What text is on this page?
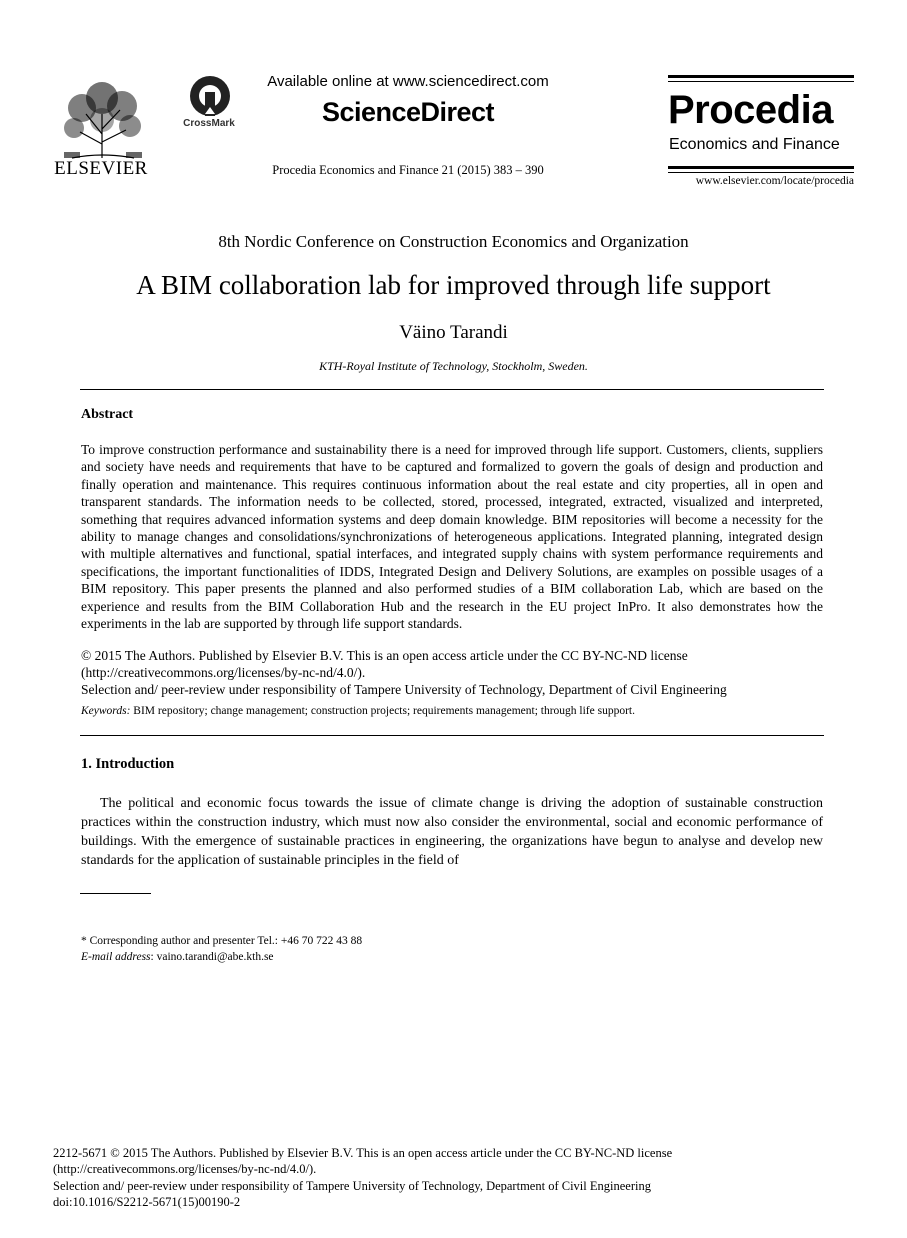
ELSEVIER
CrossMark
Available online at www.sciencedirect.com
ScienceDirect
Procedia Economics and Finance 21 (2015) 383 – 390
Procedia
Economics and Finance
www.elsevier.com/locate/procedia
8th Nordic Conference on Construction Economics and Organization
A BIM collaboration lab for improved through life support
Väino Tarandi
KTH-Royal Institute of Technology, Stockholm, Sweden.
Abstract
To improve construction performance and sustainability there is a need for improved through life support. Customers, clients, suppliers and society have needs and requirements that have to be captured and formalized to govern the goals of design and production and finally operation and maintenance. This requires continuous information about the real estate and city properties, all in open and transparent standards. The information needs to be collected, stored, processed, integrated, extracted, visualized and interpreted, something that requires advanced information systems and deep domain knowledge. BIM repositories will become a necessity for the ability to manage changes and consolidations/synchronizations of heterogeneous applications. Integrated planning, integrated design with multiple alternatives and functional, spatial interfaces, and integrated supply chains with system performance requirements and specifications, the important functionalities of IDDS, Integrated Design and Delivery Solutions, are examples on possible usages of a BIM repository. This paper presents the planned and also performed studies of a BIM collaboration Lab, which are based on the experience and results from the BIM Collaboration Hub and the research in the EU project InPro. It also demonstrates how the experiments in the lab are supported by through life support standards.
© 2015 The Authors. Published by Elsevier B.V. This is an open access article under the CC BY-NC-ND license
(http://creativecommons.org/licenses/by-nc-nd/4.0/).
Selection and/ peer-review under responsibility of Tampere University of Technology, Department of Civil Engineering
Keywords: BIM repository; change management; construction projects; requirements management; through life support.
1. Introduction
The political and economic focus towards the issue of climate change is driving the adoption of sustainable construction practices within the construction industry, which must now also consider the environmental, social and economic performance of buildings. With the emergence of sustainable practices in engineering, the organizations have begun to analyse and develop new standards for the application of sustainable principles in the field of
* Corresponding author and presenter Tel.: +46 70 722 43 88
E-mail address: vaino.tarandi@abe.kth.se
2212-5671 © 2015 The Authors. Published by Elsevier B.V. This is an open access article under the CC BY-NC-ND license
(http://creativecommons.org/licenses/by-nc-nd/4.0/).
Selection and/ peer-review under responsibility of Tampere University of Technology, Department of Civil Engineering
doi:10.1016/S2212-5671(15)00190-2
